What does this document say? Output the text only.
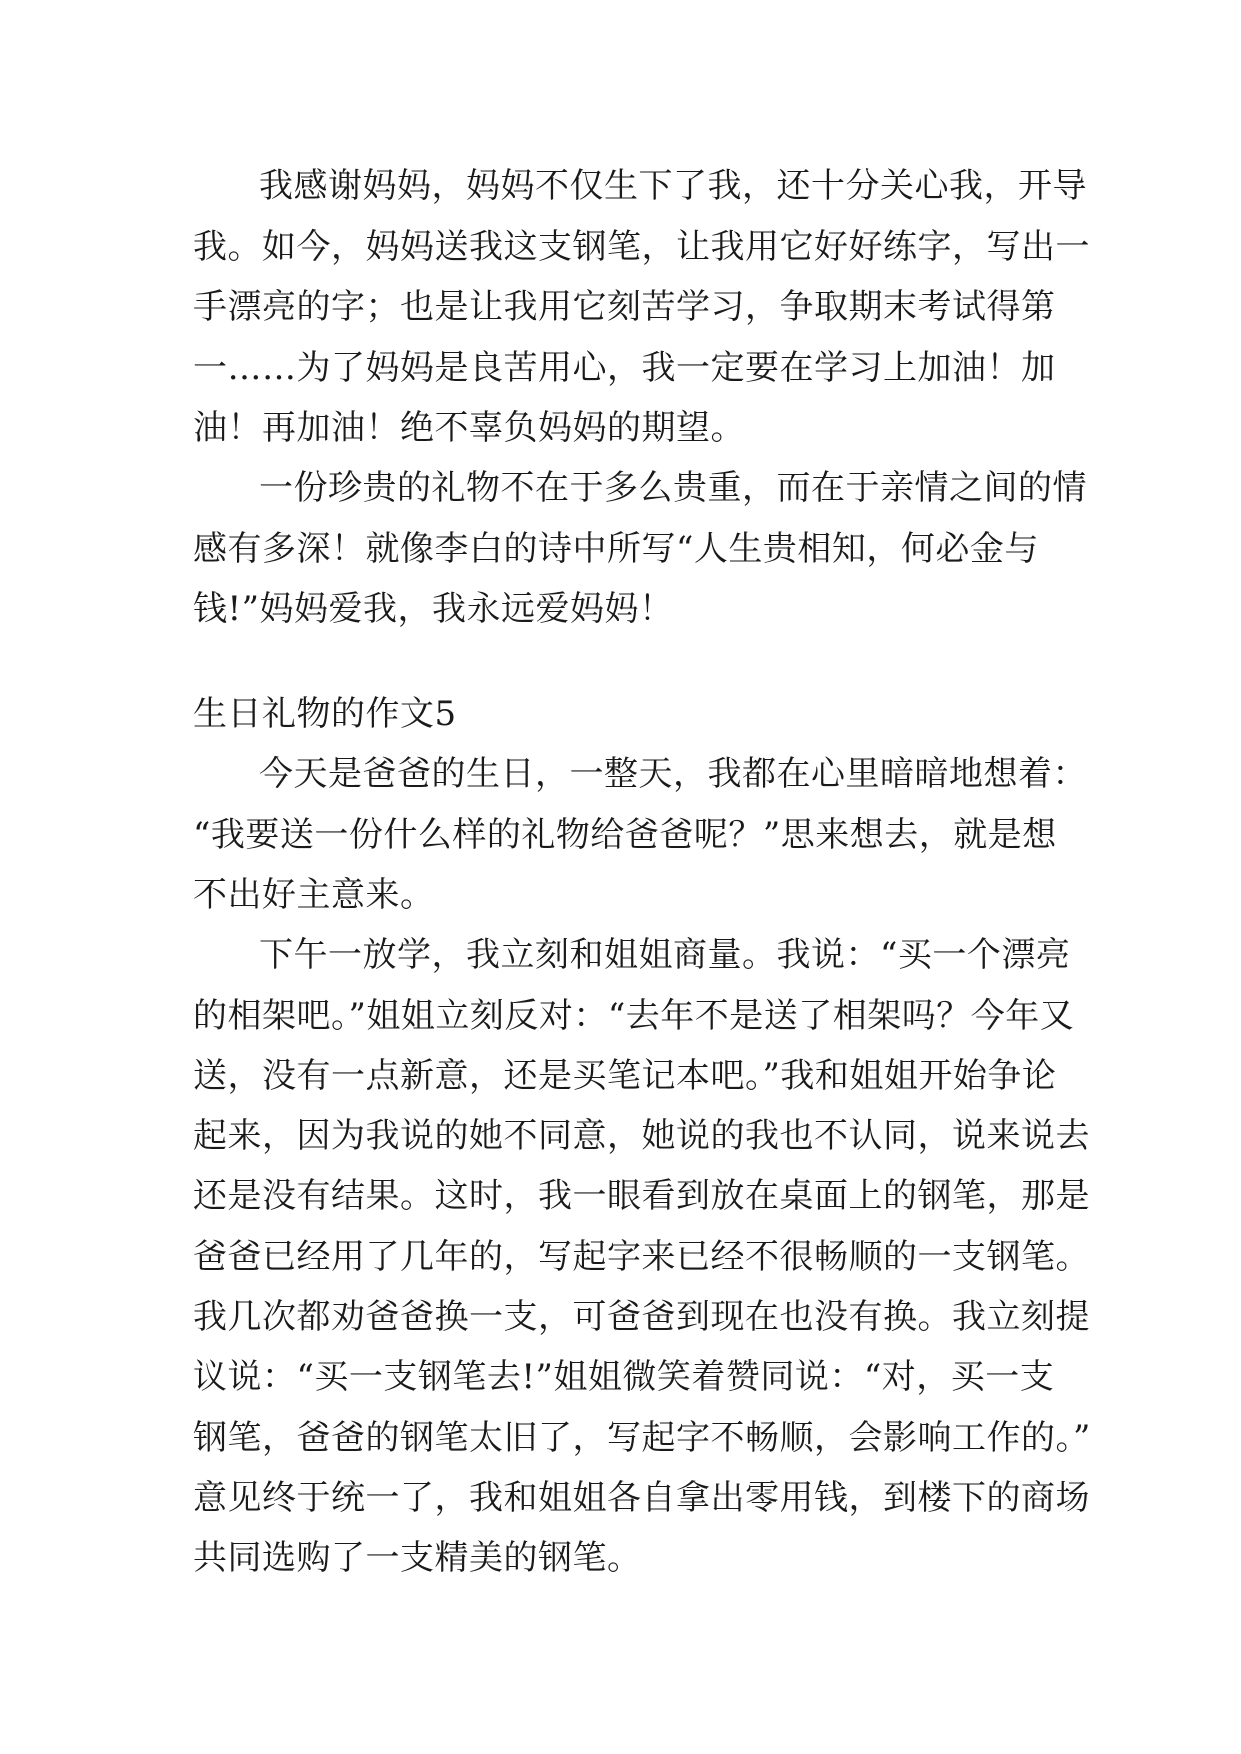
我感谢妈妈，妈妈不仅生下了我，还十分关心我，开导
我。如今，妈妈送我这支钢笔，让我用它好好练字，写出一
手漂亮的字；也是让我用它刻苦学习，争取期末考试得第
一……为了妈妈是良苦用心，我一定要在学习上加油！加
油！再加油！绝不辜负妈妈的期望。
一份珍贵的礼物不在于多么贵重，而在于亲情之间的情
感有多深！就像李白的诗中所写“人生贵相知，何必金与
钱!”妈妈爱我，我永远爱妈妈！
生日礼物的作文5
今天是爸爸的生日，一整天，我都在心里暗暗地想着：
“我要送一份什么样的礼物给爸爸呢？”思来想去，就是想
不出好主意来。
下午一放学，我立刻和姐姐商量。我说：“买一个漂亮
的相架吧。”姐姐立刻反对：“去年不是送了相架吗？今年又
送，没有一点新意，还是买笔记本吧。”我和姐姐开始争论
起来，因为我说的她不同意，她说的我也不认同，说来说去
还是没有结果。这时，我一眼看到放在桌面上的钢笔，那是
爸爸已经用了几年的，写起字来已经不很畅顺的一支钢笔。
我几次都劝爸爸换一支，可爸爸到现在也没有换。我立刻提
议说：“买一支钢笔去!”姐姐微笑着赞同说：“对，买一支
钢笔，爸爸的钢笔太旧了，写起字不畅顺，会影响工作的。”
意见终于统一了，我和姐姐各自拿出零用钱，到楼下的商场
共同选购了一支精美的钢笔。
